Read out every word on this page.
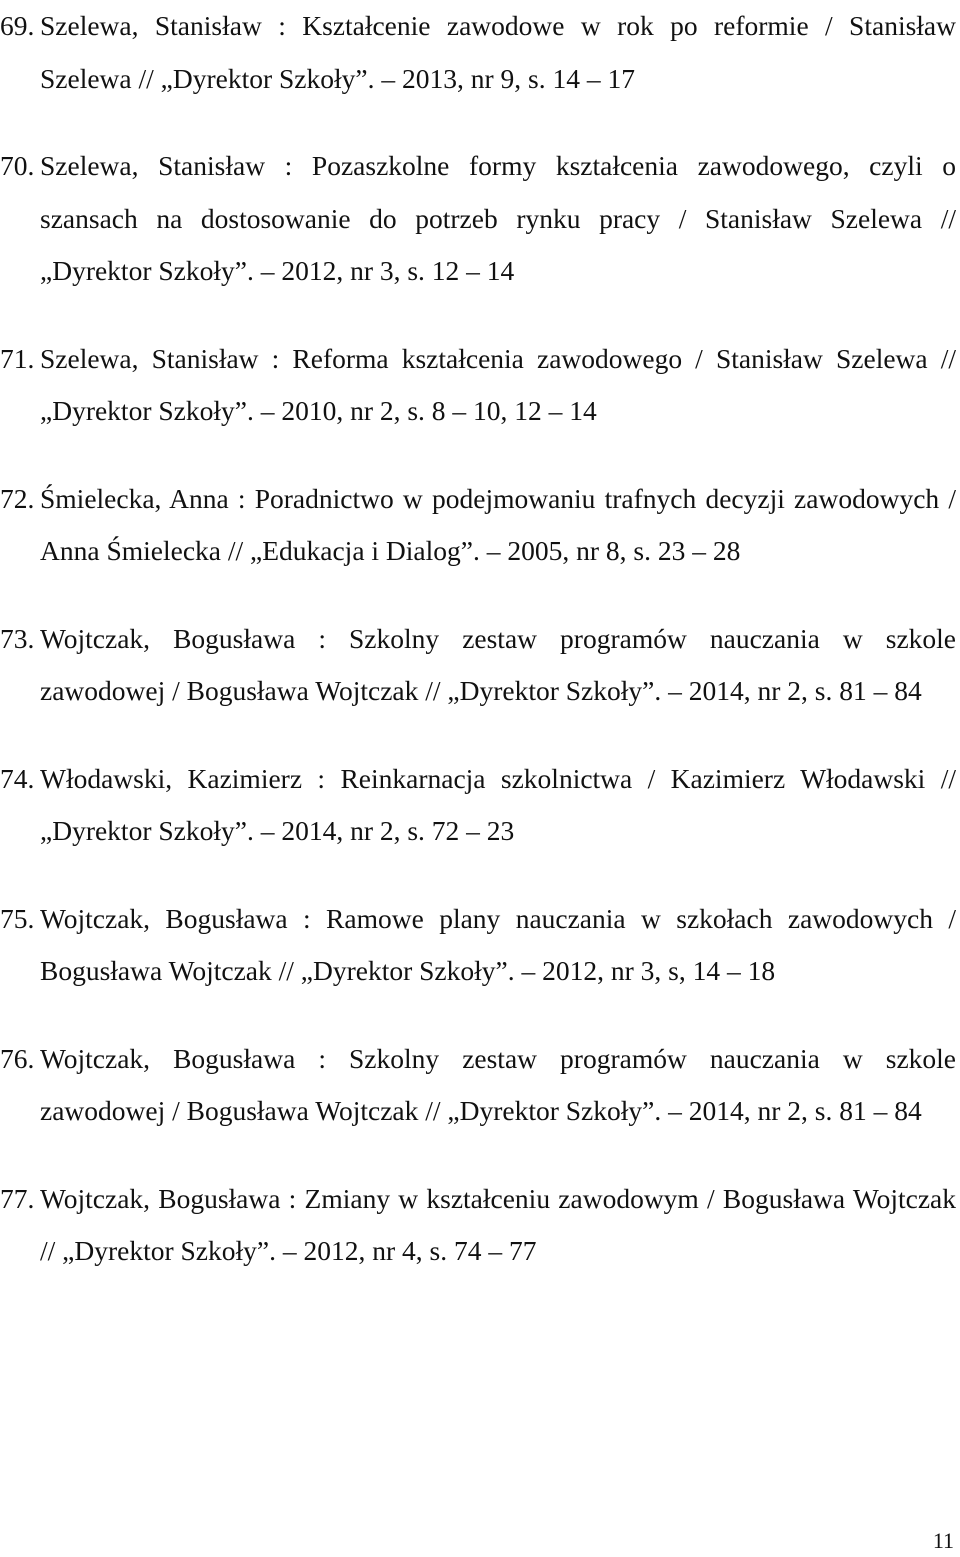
69. Szelewa, Stanisław : Kształcenie zawodowe w rok po reformie / Stanisław Szelewa // „Dyrektor Szkoły”. – 2013, nr 9, s. 14 – 17
70. Szelewa, Stanisław : Pozaszkolne formy kształcenia zawodowego, czyli o szansach na dostosowanie do potrzeb rynku pracy / Stanisław Szelewa // „Dyrektor Szkoły”. – 2012, nr 3, s. 12 – 14
71. Szelewa, Stanisław : Reforma kształcenia zawodowego / Stanisław Szelewa // „Dyrektor Szkoły”. – 2010, nr 2, s. 8 – 10, 12 – 14
72. Śmielecka, Anna : Poradnictwo w podejmowaniu trafnych decyzji zawodowych / Anna Śmielecka // „Edukacja i Dialog”. – 2005, nr 8, s. 23 – 28
73. Wojtczak, Bogusława : Szkolny zestaw programów nauczania w szkole zawodowej / Bogusława Wojtczak // „Dyrektor Szkoły”. – 2014, nr 2, s. 81 – 84
74. Włodawski, Kazimierz : Reinkarnacja szkolnictwa / Kazimierz Włodawski // „Dyrektor Szkoły”. – 2014, nr 2, s. 72 – 23
75. Wojtczak, Bogusława : Ramowe plany nauczania w szkołach zawodowych / Bogusława Wojtczak // „Dyrektor Szkoły”. – 2012, nr 3, s, 14 – 18
76. Wojtczak, Bogusława : Szkolny zestaw programów nauczania w szkole zawodowej / Bogusława Wojtczak // „Dyrektor Szkoły”. – 2014, nr 2, s. 81 – 84
77. Wojtczak, Bogusława : Zmiany w kształceniu zawodowym / Bogusława Wojtczak // „Dyrektor Szkoły”. – 2012, nr 4, s. 74 – 77
11
